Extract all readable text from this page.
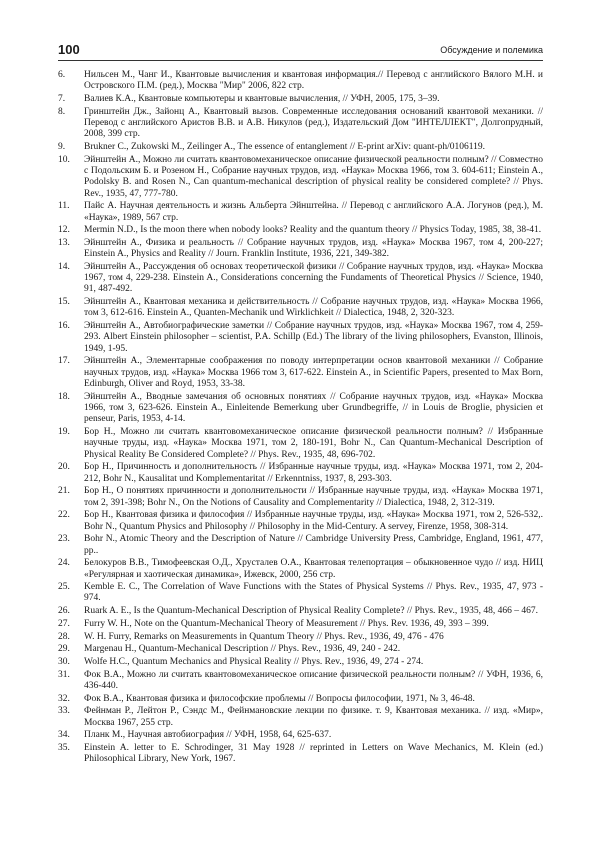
100	Обсуждение и полемика
6. Нильсен М., Чанг И., Квантовые вычисления и квантовая информация.// Перевод с английского Вялого М.Н. и Островского П.М. (ред.), Москва "Мир" 2006, 822 стр.
7. Валиев К.А., Квантовые компьютеры и квантовые вычисления, // УФН, 2005, 175, 3–39.
8. Гринштейн Дж., Зайонц А., Квантовый вызов. Современные исследования оснований квантовой механики. // Перевод с английского Аристов В.В. и А.В. Никулов (ред.), Издательский Дом "ИНТЕЛЛЕКТ", Долгопрудный, 2008, 399 стр.
9. Brukner C., Zukowski M., Zeilinger A., The essence of entanglement // E-print arXiv: quant-ph/0106119.
10. Эйнштейн А., Можно ли считать квантовомеханическое описание физической реальности полным? // Совместно с Подольским Б. и Розеном Н., Собрание научных трудов, изд. «Наука» Москва 1966, том 3. 604-611; Einstein A., Podolsky B. and Rosen N., Can quantum-mechanical description of physical reality be considered complete? // Phys. Rev., 1935, 47, 777-780.
11. Пайс А. Научная деятельность и жизнь Альберта Эйнштейна. // Перевод с английского А.А. Логунов (ред.), М. «Наука», 1989, 567 стр.
12. Mermin N.D., Is the moon there when nobody looks? Reality and the quantum theory // Physics Today, 1985, 38, 38-41.
13. Эйнштейн А., Физика и реальность // Собрание научных трудов, изд. «Наука» Москва 1967, том 4, 200-227; Einstein A., Physics and Reality // Journ. Franklin Institute, 1936, 221, 349-382.
14. Эйнштейн А., Рассуждения об основах теоретической физики // Собрание научных трудов, изд. «Наука» Москва 1967, том 4, 229-238. Einstein A., Considerations concerning the Fundaments of Theoretical Physics // Science, 1940, 91, 487-492.
15. Эйнштейн А., Квантовая механика и действительность // Собрание научных трудов, изд. «Наука» Москва 1966, том 3, 612-616. Einstein A., Quanten-Mechanik und Wirklichkeit // Dialectica, 1948, 2, 320-323.
16. Эйнштейн А., Автобиографические заметки // Собрание научных трудов, изд. «Наука» Москва 1967, том 4, 259-293. Albert Einstein philosopher – scientist, P.A. Schillp (Ed.) The library of the living philosophers, Evanston, Illinois, 1949, 1-95.
17. Эйнштейн А., Элементарные соображения по поводу интерпретации основ квантовой механики // Собрание научных трудов, изд. «Наука» Москва 1966 том 3, 617-622. Einstein A., in Scientific Papers, presented to Max Born, Edinburgh, Oliver and Royd, 1953, 33-38.
18. Эйнштейн А., Вводные замечания об основных понятиях // Собрание научных трудов, изд. «Наука» Москва 1966, том 3, 623-626. Einstein A., Einleitende Bemerkung uber Grundbegriffe, // in Louis de Broglie, physicien et penseur, Paris, 1953, 4-14.
19. Бор Н., Можно ли считать квантовомеханическое описание физической реальности полным? // Избранные научные труды, изд. «Наука» Москва 1971, том 2, 180-191, Bohr N., Can Quantum-Mechanical Description of Physical Reality Be Considered Complete? // Phys. Rev., 1935, 48, 696-702.
20. Бор Н., Причинность и дополнительность // Избранные научные труды, изд. «Наука» Москва 1971, том 2, 204-212, Bohr N., Kausalitat und Komplementaritat // Erkenntniss, 1937, 8, 293-303.
21. Бор Н., О понятиях причинности и дополнительности // Избранные научные труды, изд. «Наука» Москва 1971, том 2, 391-398; Bohr N., On the Notions of Causality and Complementarity // Dialectica, 1948, 2, 312-319.
22. Бор Н., Квантовая физика и философия // Избранные научные труды, изд. «Наука» Москва 1971, том 2, 526-532,. Bohr N., Quantum Physics and Philosophy // Philosophy in the Mid-Century. A servey, Firenze, 1958, 308-314.
23. Bohr N., Atomic Theory and the Description of Nature // Cambridge University Press, Cambridge, England, 1961, 477, pp..
24. Белокуров В.В., Тимофеевская О.Д., Хрусталев О.А., Квантовая телепортация – обыкновенное чудо // изд. НИЦ «Регулярная и хаотическая динамика», Ижевск, 2000, 256 стр.
25. Kemble E. C., The Correlation of Wave Functions with the States of Physical Systems // Phys. Rev., 1935, 47, 973 - 974.
26. Ruark A. E., Is the Quantum-Mechanical Description of Physical Reality Complete? // Phys. Rev., 1935, 48, 466 – 467.
27. Furry W. H., Note on the Quantum-Mechanical Theory of Measurement // Phys. Rev. 1936, 49, 393 – 399.
28. W. H. Furry, Remarks on Measurements in Quantum Theory // Phys. Rev., 1936, 49, 476 - 476
29. Margenau H., Quantum-Mechanical Description // Phys. Rev., 1936, 49, 240 - 242.
30. Wolfe H.C., Quantum Mechanics and Physical Reality // Phys. Rev., 1936, 49, 274 - 274.
31. Фок В.А., Можно ли считать квантовомеханическое описание физической реальности полным? // УФН, 1936, 6, 436-440.
32. Фок В.А., Квантовая физика и философские проблемы // Вопросы философии, 1971, № 3, 46-48.
33. Фейнман Р., Лейтон Р., Сэндс М., Фейнмановские лекции по физике. т. 9, Квантовая механика. // изд. «Мир», Москва 1967, 255 стр.
34. Планк М., Научная автобиография // УФН, 1958, 64, 625-637.
35. Einstein A. letter to E. Schrodinger, 31 May 1928 // reprinted in Letters on Wave Mechanics, M. Klein (ed.) Philosophical Library, New York, 1967.
